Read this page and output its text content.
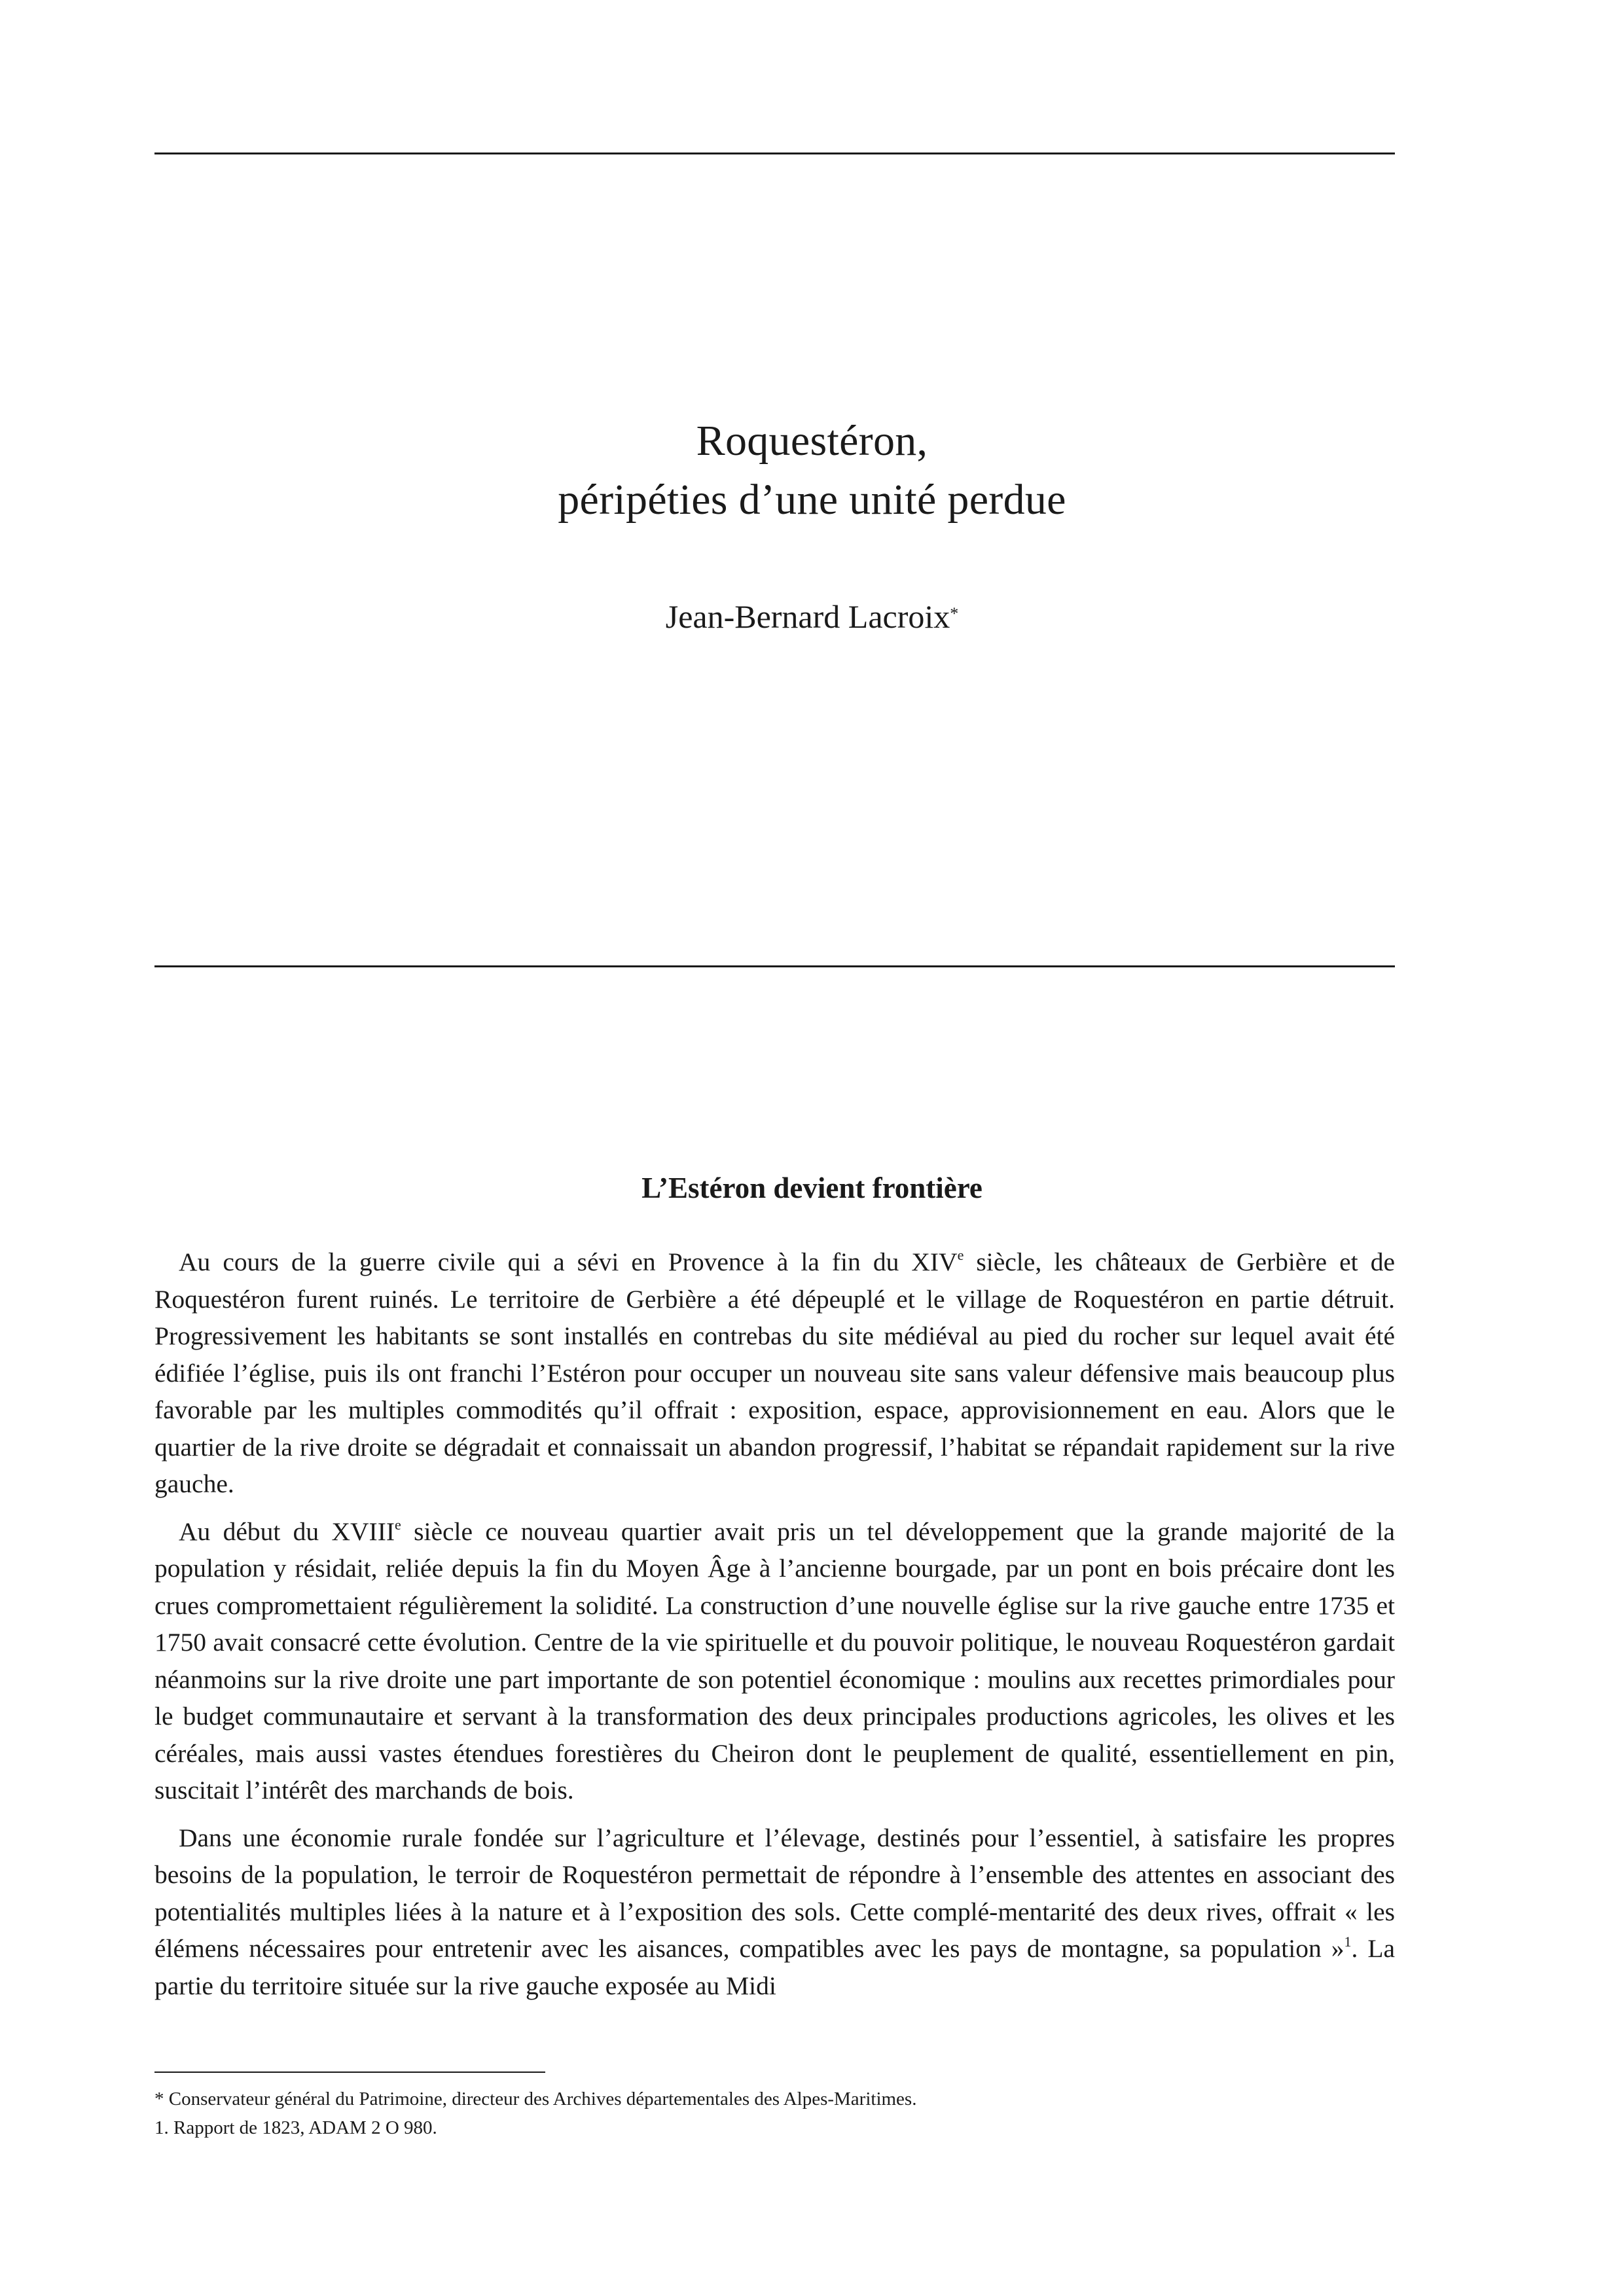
Roquestéron,
péripéties d’une unité perdue
Jean-Bernard Lacroix*
L’Estéron devient frontière

Au cours de la guerre civile qui a sévi en Provence à la fin du XIVe siècle, les châteaux de Gerbière et de Roquestéron furent ruinés. Le territoire de Gerbière a été dépeuplé et le village de Roquestéron en partie détruit. Progressivement les habitants se sont installés en contrebas du site médiéval au pied du rocher sur lequel avait été édifiée l’église, puis ils ont franchi l’Estéron pour occuper un nouveau site sans valeur défensive mais beaucoup plus favorable par les multiples commodités qu’il offrait : exposition, espace, approvisionnement en eau. Alors que le quartier de la rive droite se dégradait et connaissait un abandon progressif, l’habitat se répandait rapidement sur la rive gauche.

Au début du XVIIIe siècle ce nouveau quartier avait pris un tel développement que la grande majorité de la population y résidait, reliée depuis la fin du Moyen Âge à l’ancienne bourgade, par un pont en bois précaire dont les crues compromettaient régulièrement la solidité. La construction d’une nouvelle église sur la rive gauche entre 1735 et 1750 avait consacré cette évolution. Centre de la vie spirituelle et du pouvoir politique, le nouveau Roquestéron gardait néanmoins sur la rive droite une part importante de son potentiel économique : moulins aux recettes primordiales pour le budget communautaire et servant à la transformation des deux principales productions agricoles, les olives et les céréales, mais aussi vastes étendues forestières du Cheiron dont le peuplement de qualité, essentiellement en pin, suscitait l’intérêt des marchands de bois.

Dans une économie rurale fondée sur l’agriculture et l’élevage, destinés pour l’essentiel, à satisfaire les propres besoins de la population, le terroir de Roquestéron permettait de répondre à l’ensemble des attentes en associant des potentialités multiples liées à la nature et à l’exposition des sols. Cette complé-mentarité des deux rives, offrait « les élémens nécessaires pour entretenir avec les aisances, compatibles avec les pays de montagne, sa population »$^1$. La partie du territoire située sur la rive gauche exposée au Midi

* Conservateur général du Patrimoine, directeur des Archives départementales des Alpes-Maritimes.
1. Rapport de 1823, ADAM 2 O 980.
